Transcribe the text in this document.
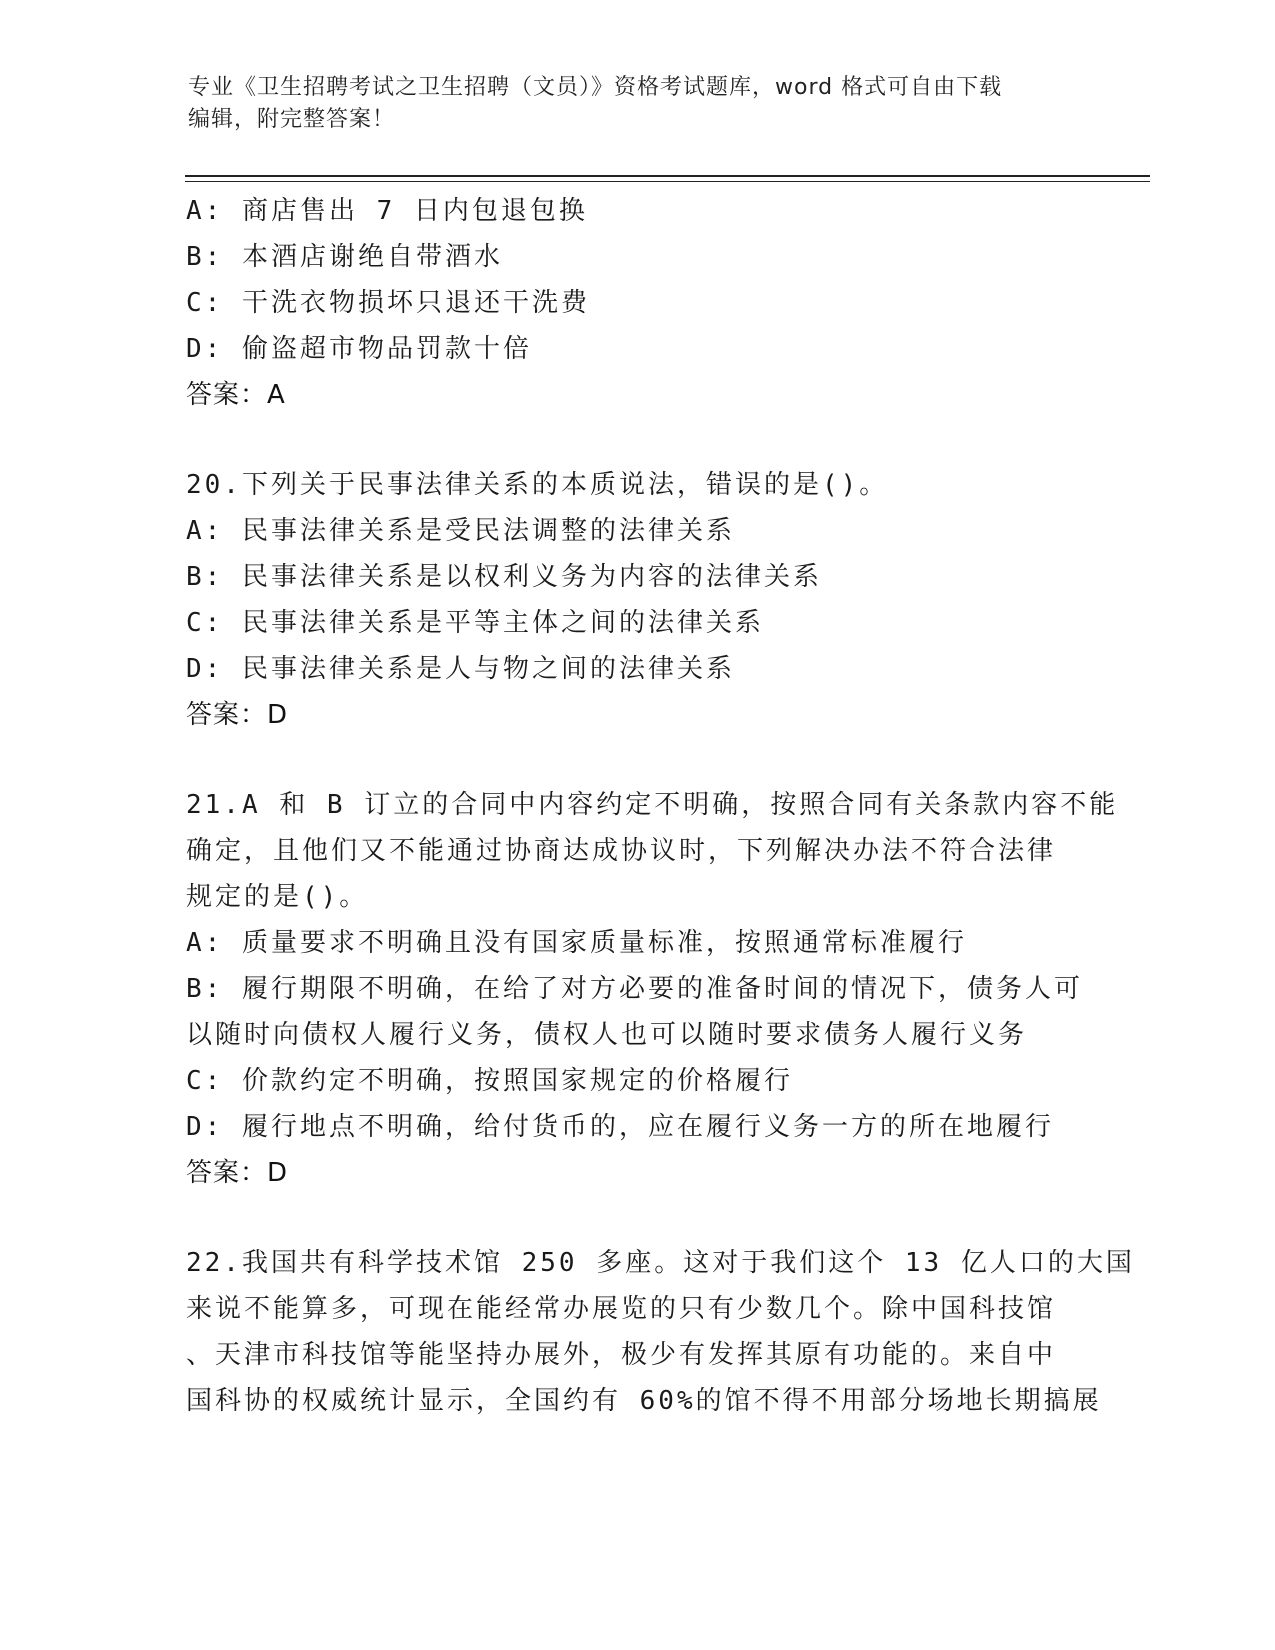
专业《卫生招聘考试之卫生招聘（文员）》资格考试题库，word 格式可自由下载
编辑，附完整答案！
A: 商店售出 7 日内包退包换
B: 本酒店谢绝自带酒水
C: 干洗衣物损坏只退还干洗费
D: 偷盗超市物品罚款十倍
答案：A
20.下列关于民事法律关系的本质说法，错误的是()。
A: 民事法律关系是受民法调整的法律关系
B: 民事法律关系是以权利义务为内容的法律关系
C: 民事法律关系是平等主体之间的法律关系
D: 民事法律关系是人与物之间的法律关系
答案：D
21.A 和 B 订立的合同中内容约定不明确，按照合同有关条款内容不能
确定，且他们又不能通过协商达成协议时，下列解决办法不符合法律
规定的是()。
A: 质量要求不明确且没有国家质量标准，按照通常标准履行
B: 履行期限不明确，在给了对方必要的准备时间的情况下，债务人可
以随时向债权人履行义务，债权人也可以随时要求债务人履行义务
C: 价款约定不明确，按照国家规定的价格履行
D: 履行地点不明确，给付货币的，应在履行义务一方的所在地履行
答案：D
22.我国共有科学技术馆 250 多座。这对于我们这个 13 亿人口的大国
来说不能算多，可现在能经常办展览的只有少数几个。除中国科技馆
、天津市科技馆等能坚持办展外，极少有发挥其原有功能的。来自中
国科协的权威统计显示，全国约有 60%的馆不得不用部分场地长期搞展
